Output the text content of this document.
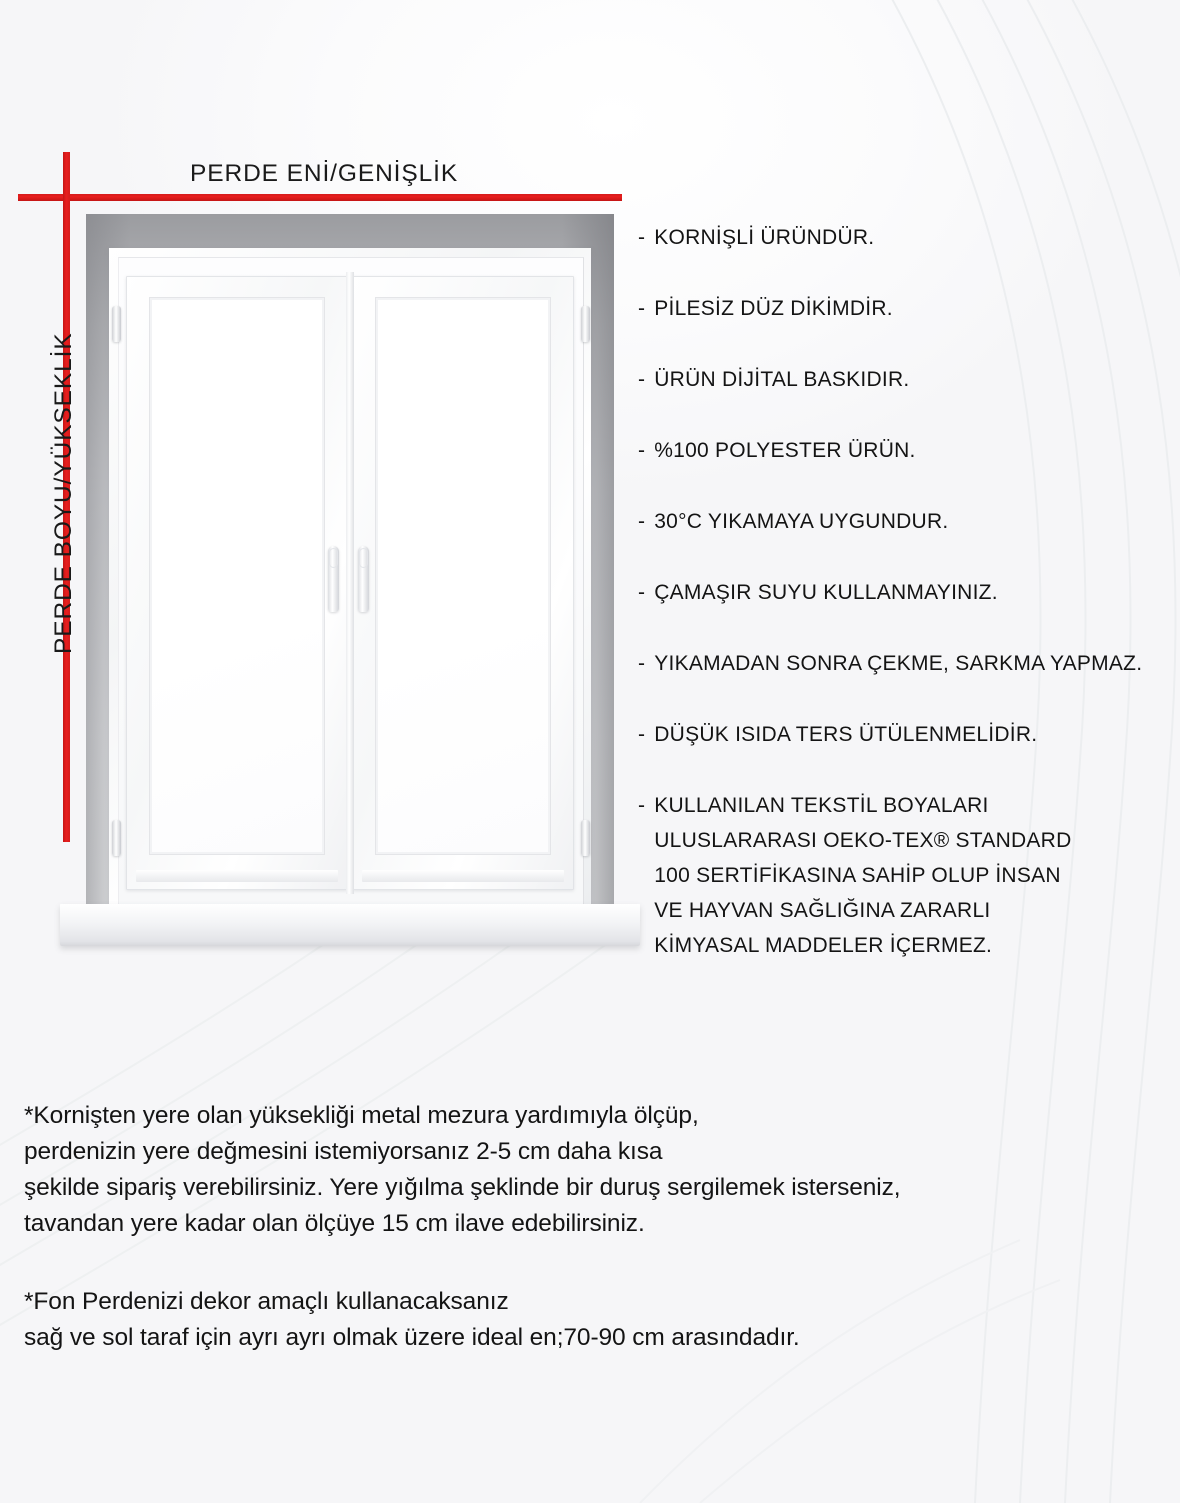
PERDE ENİ/GENİŞLİK
PERDE BOYU/YÜKSEKLİK
- KORNİŞLİ ÜRÜNDÜR.
- PİLESİZ DÜZ DİKİMDİR.
- ÜRÜN DİJİTAL BASKIDIR.
- %100 POLYESTER ÜRÜN.
- 30°C YIKAMAYA UYGUNDUR.
- ÇAMAŞIR SUYU KULLANMAYINIZ.
- YIKAMADAN SONRA ÇEKME, SARKMA YAPMAZ.
- DÜŞÜK ISIDA TERS ÜTÜLENMELİDİR.
- KULLANILAN TEKSTİL BOYALARI
ULUSLARARASI OEKO-TEX® STANDARD
100 SERTİFİKASINA SAHİP OLUP İNSAN
VE HAYVAN SAĞLIĞINA ZARARLI
KİMYASAL MADDELER İÇERMEZ.
*Kornişten yere olan yüksekliği metal mezura yardımıyla ölçüp,
perdenizin yere değmesini istemiyorsanız 2-5 cm daha kısa
şekilde sipariş verebilirsiniz. Yere yığılma şeklinde bir duruş sergilemek isterseniz,
tavandan yere kadar olan ölçüye 15 cm ilave edebilirsiniz.
*Fon Perdenizi dekor amaçlı kullanacaksanız
sağ ve sol taraf için ayrı ayrı olmak üzere ideal en;70-90 cm arasındadır.
